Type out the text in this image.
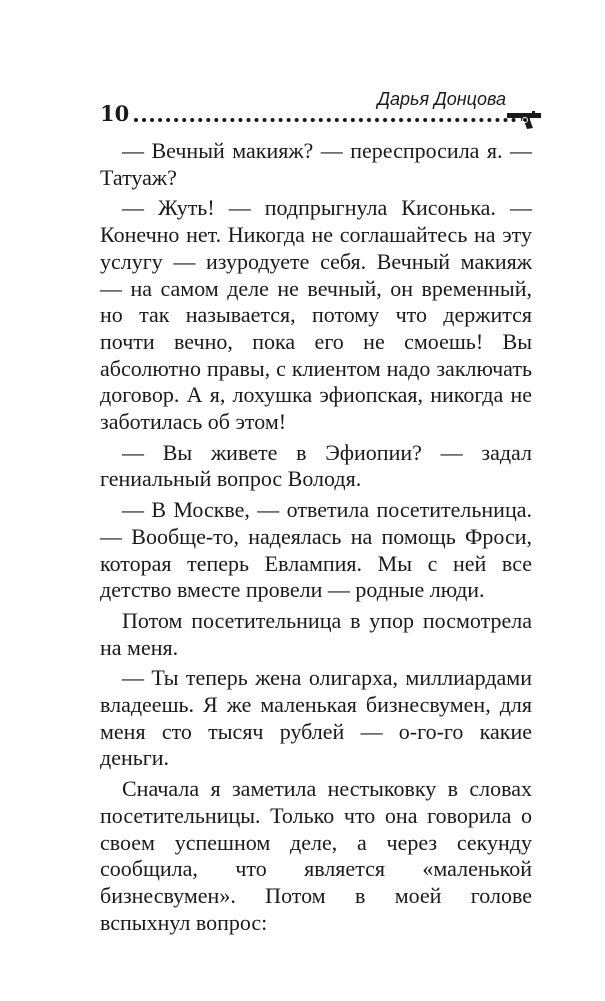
10
Дарья Донцова

— Вечный макияж? — переспросила я. — Татуаж?

— Жуть! — подпрыгнула Кисонька. — Конечно нет. Никогда не соглашайтесь на эту услугу — изуродуете себя. Вечный макияж — на самом деле не вечный, он временный, но так называется, потому что держится почти вечно, пока его не смоешь! Вы абсолютно правы, с клиентом надо заключать договор. А я, лохушка эфиопская, никогда не заботилась об этом!

— Вы живете в Эфиопии? — задал гениальный вопрос Володя.

— В Москве, — ответила посетительница. — Вообще-то, надеялась на помощь Фроси, которая теперь Евлампия. Мы с ней все детство вместе провели — родные люди.

Потом посетительница в упор посмотрела на меня.

— Ты теперь жена олигарха, миллиардами владеешь. Я же маленькая бизнесвумен, для меня сто тысяч рублей — о-го-го какие деньги.

Сначала я заметила нестыковку в словах посетительницы. Только что она говорила о своем успешном деле, а через секунду сообщила, что является «маленькой бизнесвумен». Потом в моей голове вспыхнул вопрос:
